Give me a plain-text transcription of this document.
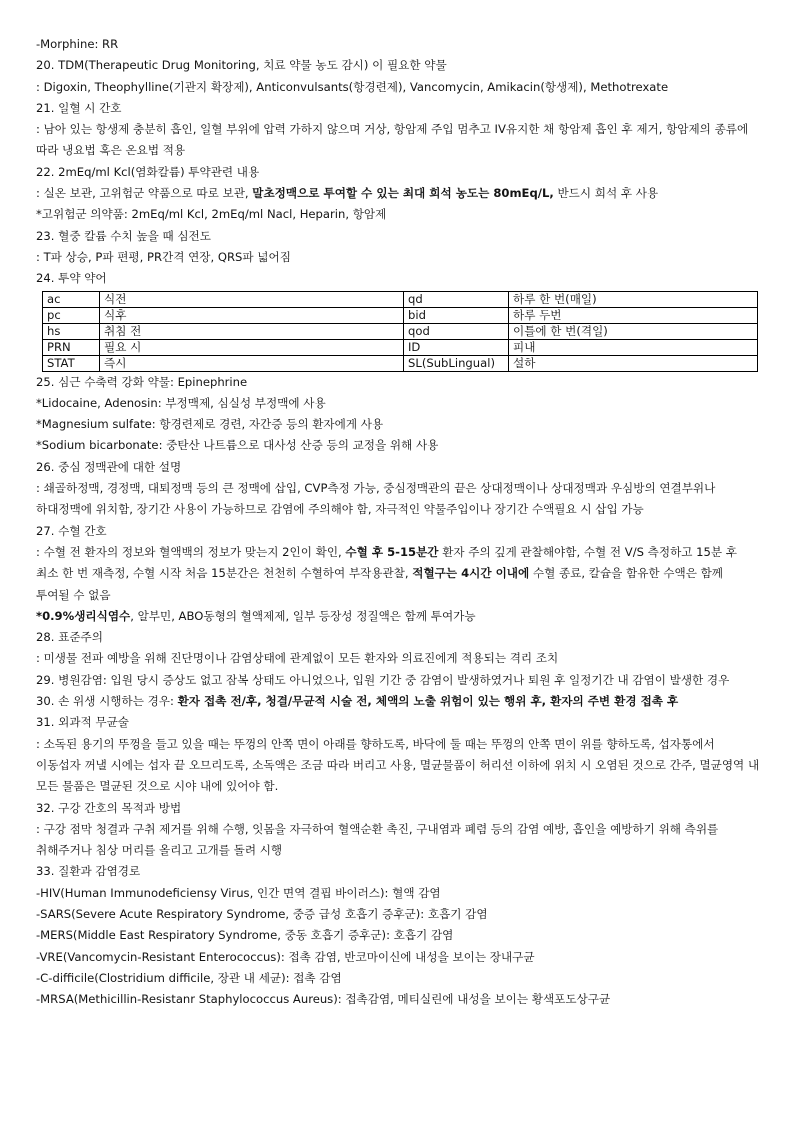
-Morphine: RR
20. TDM(Therapeutic Drug Monitoring, 치료 약물 농도 감시) 이 필요한 약물
: Digoxin, Theophylline(기관지 확장제), Anticonvulsants(항경련제), Vancomycin, Amikacin(항생제), Methotrexate
21. 일혈 시 간호
: 남아 있는 항생제 충분히 흡인, 일혈 부위에 압력 가하지 않으며 거상, 항암제 주입 멈추고 IV유지한 채 항암제 흡인 후 제거, 항암제의 종류에 따라 냉요법 혹은 온요법 적용
22. 2mEq/ml Kcl(염화칼륨) 투약관련 내용
: 실온 보관, 고위험군 약품으로 따로 보관, 말초정맥으로 투여할 수 있는 최대 희석 농도는 80mEq/L, 반드시 희석 후 사용
*고위험군 의약품: 2mEq/ml Kcl, 2mEq/ml Nacl, Heparin, 항암제
23. 혈중 칼륨 수치 높을 때 심전도
: T파 상승, P파 편평, PR간격 연장, QRS파 넓어짐
24. 투약 약어
ac	식전	qd	하루 한 번(매일)
pc	식후	bid	하루 두번
hs	취침 전	qod	이틀에 한 번(격일)
PRN	필요 시	ID	피내
STAT	즉시	SL(SubLingual)	설하
25. 심근 수축력 강화 약물: Epinephrine
*Lidocaine, Adenosin: 부정맥제, 심실성 부정맥에 사용
*Magnesium sulfate: 항경련제로 경련, 자간증 등의 환자에게 사용
*Sodium bicarbonate: 중탄산 나트륨으로 대사성 산증 등의 교정을 위해 사용
26. 중심 정맥관에 대한 설명
: 쇄골하정맥, 경정맥, 대퇴정맥 등의 큰 정맥에 삽입, CVP측정 가능, 중심정맥관의 끝은 상대정맥이나 상대정맥과 우심방의 연결부위나 하대정맥에 위치함, 장기간 사용이 가능하므로 감염에 주의해야 함, 자극적인 약물주입이나 장기간 수액필요 시 삽입 가능
27. 수혈 간호
: 수혈 전 환자의 정보와 혈액백의 정보가 맞는지 2인이 확인, 수혈 후 5-15분간 환자 주의 깊게 관찰해야함, 수혈 전 V/S 측정하고 15분 후 최소 한 번 재측정, 수혈 시작 처음 15분간은 천천히 수혈하여 부작용관찰, 적혈구는 4시간 이내에 수혈 종료, 칼슘을 함유한 수액은 함께 투여될 수 없음
*0.9%생리식염수, 알부민, ABO동형의 혈액제제, 일부 등장성 정질액은 함께 투여가능
28. 표준주의
: 미생물 전파 예방을 위해 진단명이나 감염상태에 관계없이 모든 환자와 의료진에게 적용되는 격리 조치
29. 병원감염: 입원 당시 증상도 없고 잠복 상태도 아니었으나, 입원 기간 중 감염이 발생하였거나 퇴원 후 일정기간 내 감염이 발생한 경우
30. 손 위생 시행하는 경우: 환자 접촉 전/후, 청결/무균적 시술 전, 체액의 노출 위험이 있는 행위 후, 환자의 주변 환경 접촉 후
31. 외과적 무균술
: 소독된 용기의 뚜껑을 들고 있을 때는 뚜껑의 안쪽 면이 아래를 향하도록, 바닥에 둘 때는 뚜껑의 안쪽 면이 위를 향하도록, 섭자통에서 이동섭자 꺼낼 시에는 섭자 끝 오므리도록, 소독액은 조금 따라 버리고 사용, 멸균물품이 허리선 이하에 위치 시 오염된 것으로 간주, 멸균영역 내 모든 물품은 멸균된 것으로 시야 내에 있어야 함.
32. 구강 간호의 목적과 방법
: 구강 점막 청결과 구취 제거를 위해 수행, 잇몸을 자극하여 혈액순환 촉진, 구내염과 폐렴 등의 감염 예방, 흡인을 예방하기 위해 측위를 취해주거나 침상 머리를 올리고 고개를 돌려 시행
33. 질환과 감염경로
-HIV(Human Immunodeficiensy Virus, 인간 면역 결핍 바이러스): 혈액 감염
-SARS(Severe Acute Respiratory Syndrome, 중증 급성 호흡기 증후군): 호흡기 감염
-MERS(Middle East Respiratory Syndrome, 중동 호흡기 증후군): 호흡기 감염
-VRE(Vancomycin-Resistant Enterococcus): 접촉 감염, 반코마이신에 내성을 보이는 장내구균
-C-difficile(Clostridium difficile, 장관 내 세균): 접촉 감염
-MRSA(Methicillin-Resistanr Staphylococcus Aureus): 접촉감염, 메티실린에 내성을 보이는 황색포도상구균
